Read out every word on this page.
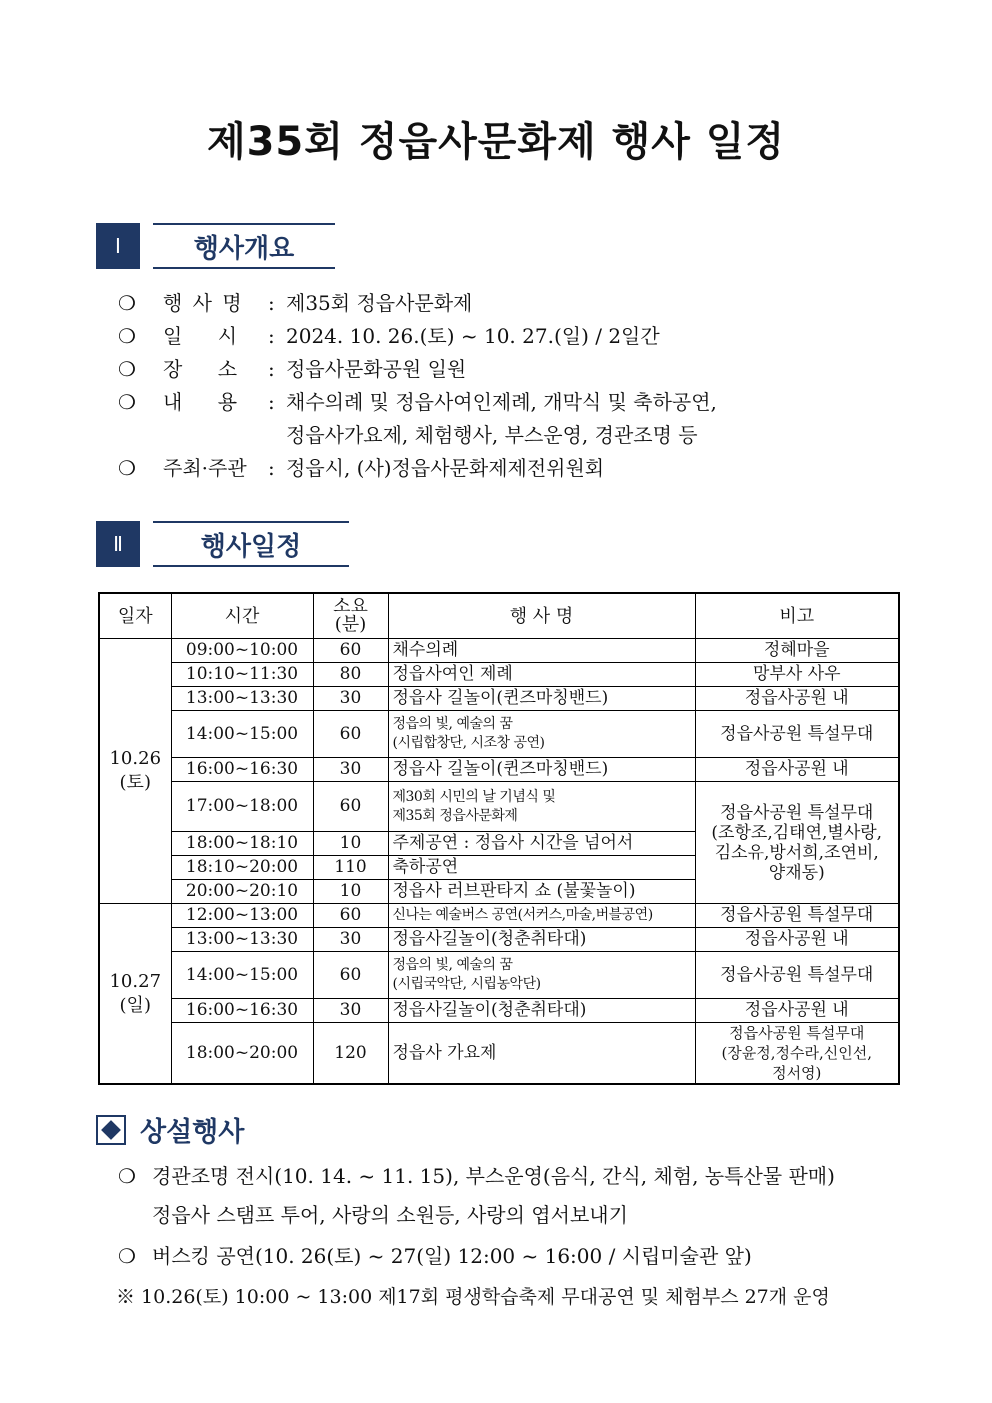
제35회 정읍사문화제 행사 일정
Ⅰ	행사개요
❍	행 사 명	: 제35회 정읍사문화제
❍	일    시	: 2024. 10. 26.(토) ~ 10. 27.(일) / 2일간
❍	장    소	: 정읍사문화공원 일원
❍	내    용	: 채수의례 및 정읍사여인제례, 개막식 및 축하공연,
정읍사가요제, 체험행사, 부스운영, 경관조명 등
❍	주최·주관	: 정읍시, (사)정읍사문화제제전위원회
Ⅱ	행사일정
일자	시간	소요
(분)	행 사 명	비고
10.26
(토)	09:00~10:00	60	채수의례	정혜마을
	10:10~11:30	80	정읍사여인 제례	망부사 사우
	13:00~13:30	30	정읍사 길놀이(퀸즈마칭밴드)	정읍사공원 내
	14:00~15:00	60	정읍의 빛, 예술의 꿈
(시립합창단, 시조창 공연)	정읍사공원 특설무대
	16:00~16:30	30	정읍사 길놀이(퀸즈마칭밴드)	정읍사공원 내
	17:00~18:00	60	제30회 시민의 날 기념식 및
제35회 정읍사문화제	정읍사공원 특설무대
(조항조,김태연,별사랑,
김소유,방서희,조연비,
양재동)
	18:00~18:10	10	주제공연 : 정읍사 시간을 넘어서	
	18:10~20:00	110	축하공연	
	20:00~20:10	10	정읍사 러브판타지 쇼 (불꽃놀이)	
10.27
(일)	12:00~13:00	60	신나는 예술버스 공연(서커스,마술,버블공연)	정읍사공원 특설무대
	13:00~13:30	30	정읍사길놀이(청춘취타대)	정읍사공원 내
	14:00~15:00	60	정읍의 빛, 예술의 꿈
(시립국악단, 시립농악단)	정읍사공원 특설무대
	16:00~16:30	30	정읍사길놀이(청춘취타대)	정읍사공원 내
	18:00~20:00	120	정읍사 가요제	정읍사공원 특설무대
(장윤정,정수라,신인선,
정서영)
상설행사
❍ 경관조명 전시(10. 14. ~ 11. 15), 부스운영(음식, 간식, 체험, 농특산물 판매)
정읍사 스탬프 투어, 사랑의 소원등, 사랑의 엽서보내기
❍ 버스킹 공연(10. 26(토) ~ 27(일) 12:00 ~ 16:00 / 시립미술관 앞)
※ 10.26(토) 10:00 ~ 13:00 제17회 평생학습축제 무대공연 및 체험부스 27개 운영
